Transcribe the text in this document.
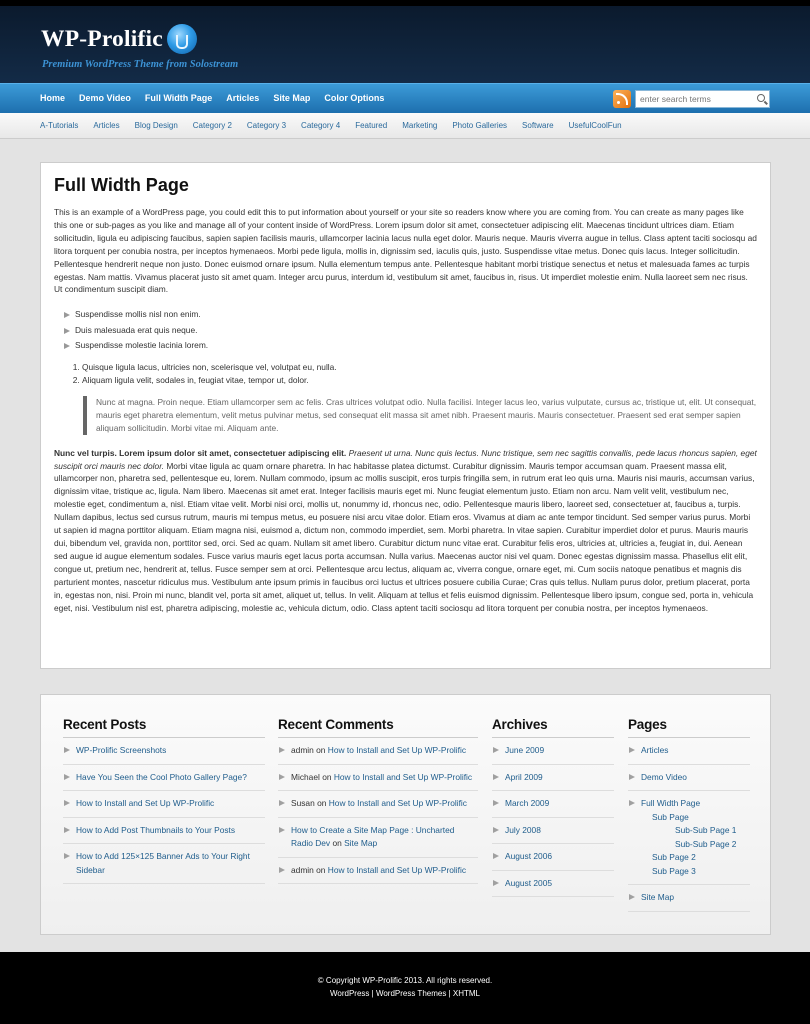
WP-Prolific
Premium WordPress Theme from Solostream
Home Demo Video Full Width Page Articles Site Map Color Options
enter search terms
A-Tutorials Articles Blog Design Category 2 Category 3 Category 4 Featured Marketing Photo Galleries Software UsefulCoolFun
Full Width Page

This is an example of a WordPress page, you could edit this to put information about yourself or your site so readers know where you are coming from. You can create as many pages like this one or sub-pages as you like and manage all of your content inside of WordPress. Lorem ipsum dolor sit amet, consectetuer adipiscing elit. Maecenas tincidunt ultrices diam. Etiam sollicitudin, ligula eu adipiscing faucibus, sapien sapien facilisis mauris, ullamcorper lacinia lacus nulla eget dolor. Mauris neque. Mauris viverra augue in tellus. Class aptent taciti sociosqu ad litora torquent per conubia nostra, per inceptos hymenaeos. Morbi pede ligula, mollis in, dignissim sed, iaculis quis, justo. Suspendisse vitae metus. Donec quis lacus. Integer sollicitudin. Pellentesque hendrerit neque non justo. Donec euismod ornare ipsum. Nulla elementum tempus ante. Pellentesque habitant morbi tristique senectus et netus et malesuada fames ac turpis egestas. Nam mattis. Vivamus placerat justo sit amet quam. Integer arcu purus, interdum id, vestibulum sit amet, faucibus in, risus. Ut imperdiet molestie enim. Nulla laoreet sem nec risus. Ut condimentum suscipit diam.

Suspendisse mollis nisl non enim.
Duis malesuada erat quis neque.
Suspendisse molestie lacinia lorem.
1. Quisque ligula lacus, ultricies non, scelerisque vel, volutpat eu, nulla.
2. Aliquam ligula velit, sodales in, feugiat vitae, tempor ut, dolor.
Nunc at magna. Proin neque. Etiam ullamcorper sem ac felis. Cras ultrices volutpat odio. Nulla facilisi. Integer lacus leo, varius vulputate, cursus ac, tristique ut, elit. Ut consequat, mauris eget pharetra elementum, velit metus pulvinar metus, sed consequat elit massa sit amet nibh. Praesent mauris. Mauris consectetuer. Praesent sed erat semper sapien aliquam sollicitudin. Morbi vitae mi. Aliquam ante.

Nunc vel turpis. Lorem ipsum dolor sit amet, consectetuer adipiscing elit. Praesent ut urna. Nunc quis lectus. Nunc tristique, sem nec sagittis convallis, pede lacus rhoncus sapien, eget suscipit orci mauris nec dolor. Morbi vitae ligula ac quam ornare pharetra. In hac habitasse platea dictumst. Curabitur dignissim. Mauris tempor accumsan quam. Praesent massa elit, ullamcorper non, pharetra sed, pellentesque eu, lorem. Nullam commodo, ipsum ac mollis suscipit, eros turpis fringilla sem, in rutrum erat leo quis urna. Mauris nisi mauris, accumsan varius, dignissim vitae, tristique ac, ligula. Nam libero. Maecenas sit amet erat. Integer facilisis mauris eget mi. Nunc feugiat elementum justo. Etiam non arcu. Nam velit velit, vestibulum nec, molestie eget, condimentum a, nisl. Etiam vitae velit. Morbi nisi orci, mollis ut, nonummy id, rhoncus nec, odio. Pellentesque mauris libero, laoreet sed, consectetuer at, faucibus a, turpis. Nullam dapibus, lectus sed cursus rutrum, mauris mi tempus metus, eu posuere nisi arcu vitae dolor. Etiam eros. Vivamus at diam ac ante tempor tincidunt. Sed semper varius purus. Morbi ut sapien id magna porttitor aliquam. Etiam magna nisi, euismod a, dictum non, commodo imperdiet, sem. Morbi pharetra. In vitae sapien. Curabitur imperdiet dolor et purus. Mauris mauris dui, bibendum vel, gravida non, porttitor sed, orci. Sed ac quam. Nullam sit amet libero. Curabitur dictum nunc vitae erat. Curabitur felis eros, ultricies at, ultricies a, feugiat in, dui. Aenean sed augue id augue elementum sodales. Fusce varius mauris eget lacus porta accumsan. Nulla varius. Maecenas auctor nisi vel quam. Donec egestas dignissim massa. Phasellus elit elit, congue ut, pretium nec, hendrerit at, tellus. Fusce semper sem at orci. Pellentesque arcu lectus, aliquam ac, viverra congue, ornare eget, mi. Cum sociis natoque penatibus et magnis dis parturient montes, nascetur ridiculus mus. Vestibulum ante ipsum primis in faucibus orci luctus et ultrices posuere cubilia Curae; Cras quis tellus. Nullam purus dolor, pretium placerat, porta in, egestas non, nisi. Proin mi nunc, blandit vel, porta sit amet, aliquet ut, tellus. In velit. Aliquam at tellus et felis euismod dignissim. Pellentesque libero ipsum, congue sed, porta in, vehicula eget, nisi. Vestibulum nisl est, pharetra adipiscing, molestie ac, vehicula dictum, odio. Class aptent taciti sociosqu ad litora torquent per conubia nostra, per inceptos hymenaeos.

Recent Posts
WP-Prolific Screenshots
Have You Seen the Cool Photo Gallery Page?
How to Install and Set Up WP-Prolific
How to Add Post Thumbnails to Your Posts
How to Add 125×125 Banner Ads to Your Right Sidebar
Recent Comments
admin on How to Install and Set Up WP-Prolific
Michael on How to Install and Set Up WP-Prolific
Susan on How to Install and Set Up WP-Prolific
How to Create a Site Map Page : Uncharted Radio Dev on Site Map
admin on How to Install and Set Up WP-Prolific
Archives
June 2009
April 2009
March 2009
July 2008
August 2006
August 2005
Pages
Articles
Demo Video
Full Width Page
Sub Page
Sub-Sub Page 1
Sub-Sub Page 2
Sub Page 2
Sub Page 3
Site Map
© Copyright WP-Prolific 2013. All rights reserved.
WordPress | WordPress Themes | XHTML
